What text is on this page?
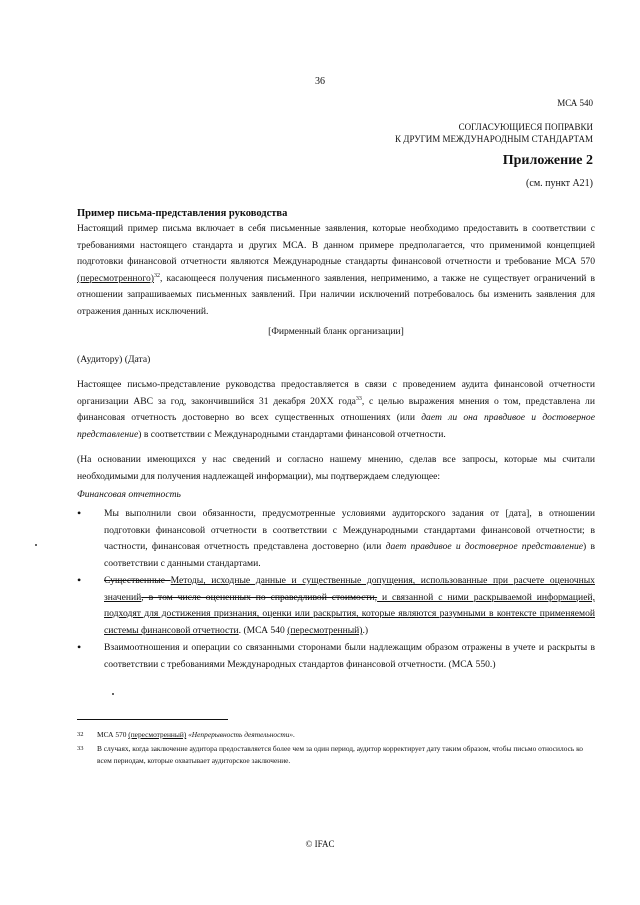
36
МСА 540
СОГЛАСУЮЩИЕСЯ ПОПРАВКИ
К ДРУГИМ МЕЖДУНАРОДНЫМ СТАНДАРТАМ
Приложение 2
(см. пункт А21)
Пример письма-представления руководства
Настоящий пример письма включает в себя письменные заявления, которые необходимо предоставить в соответствии с требованиями настоящего стандарта и других МСА. В данном примере предполагается, что применимой концепцией подготовки финансовой отчетности являются Международные стандарты финансовой отчетности и требование МСА 570 (пересмотренного)$^{32}$, касающееся получения письменного заявления, неприменимо, а также не существует ограничений в отношении запрашиваемых письменных заявлений. При наличии исключений потребовалось бы изменить заявления для отражения данных исключений.
[Фирменный бланк организации]
(Аудитору) (Дата)
Настоящее письмо-представление руководства предоставляется в связи с проведением аудита финансовой отчетности организации ABC за год, закончившийся 31 декабря 20XX года$^{33}$, с целью выражения мнения о том, представлена ли финансовая отчетность достоверно во всех существенных отношениях (или дает ли она правдивое и достоверное представление) в соответствии с Международными стандартами финансовой отчетности.
(На основании имеющихся у нас сведений и согласно нашему мнению, сделав все запросы, которые мы считали необходимыми для получения надлежащей информации), мы подтверждаем следующее:
Финансовая отчетность
• Мы выполнили свои обязанности, предусмотренные условиями аудиторского задания от [дата], в отношении подготовки финансовой отчетности в соответствии с Международными стандартами финансовой отчетности; в частности, финансовая отчетность представлена достоверно (или дает правдивое и достоверное представление) в соответствии с данными стандартами.
• Существенные Методы, исходные данные и существенные допущения, использованные при расчете оценочных значений, в том числе оцененных по справедливой стоимости, и связанной с ними раскрываемой информацией, подходят для достижения признания, оценки или раскрытия, которые являются разумными в контексте применяемой системы финансовой отчетности. (МСА 540 (пересмотренный).)
• Взаимоотношения и операции со связанными сторонами были надлежащим образом отражены в учете и раскрыты в соответствии с требованиями Международных стандартов финансовой отчетности. (МСА 550.)
32 МСА 570 (пересмотренный) «Непрерывность деятельности».
33 В случаях, когда заключение аудитора предоставляется более чем за один период, аудитор корректирует дату таким образом, чтобы письмо относилось ко всем периодам, которые охватывает аудиторское заключение.
© IFAC
